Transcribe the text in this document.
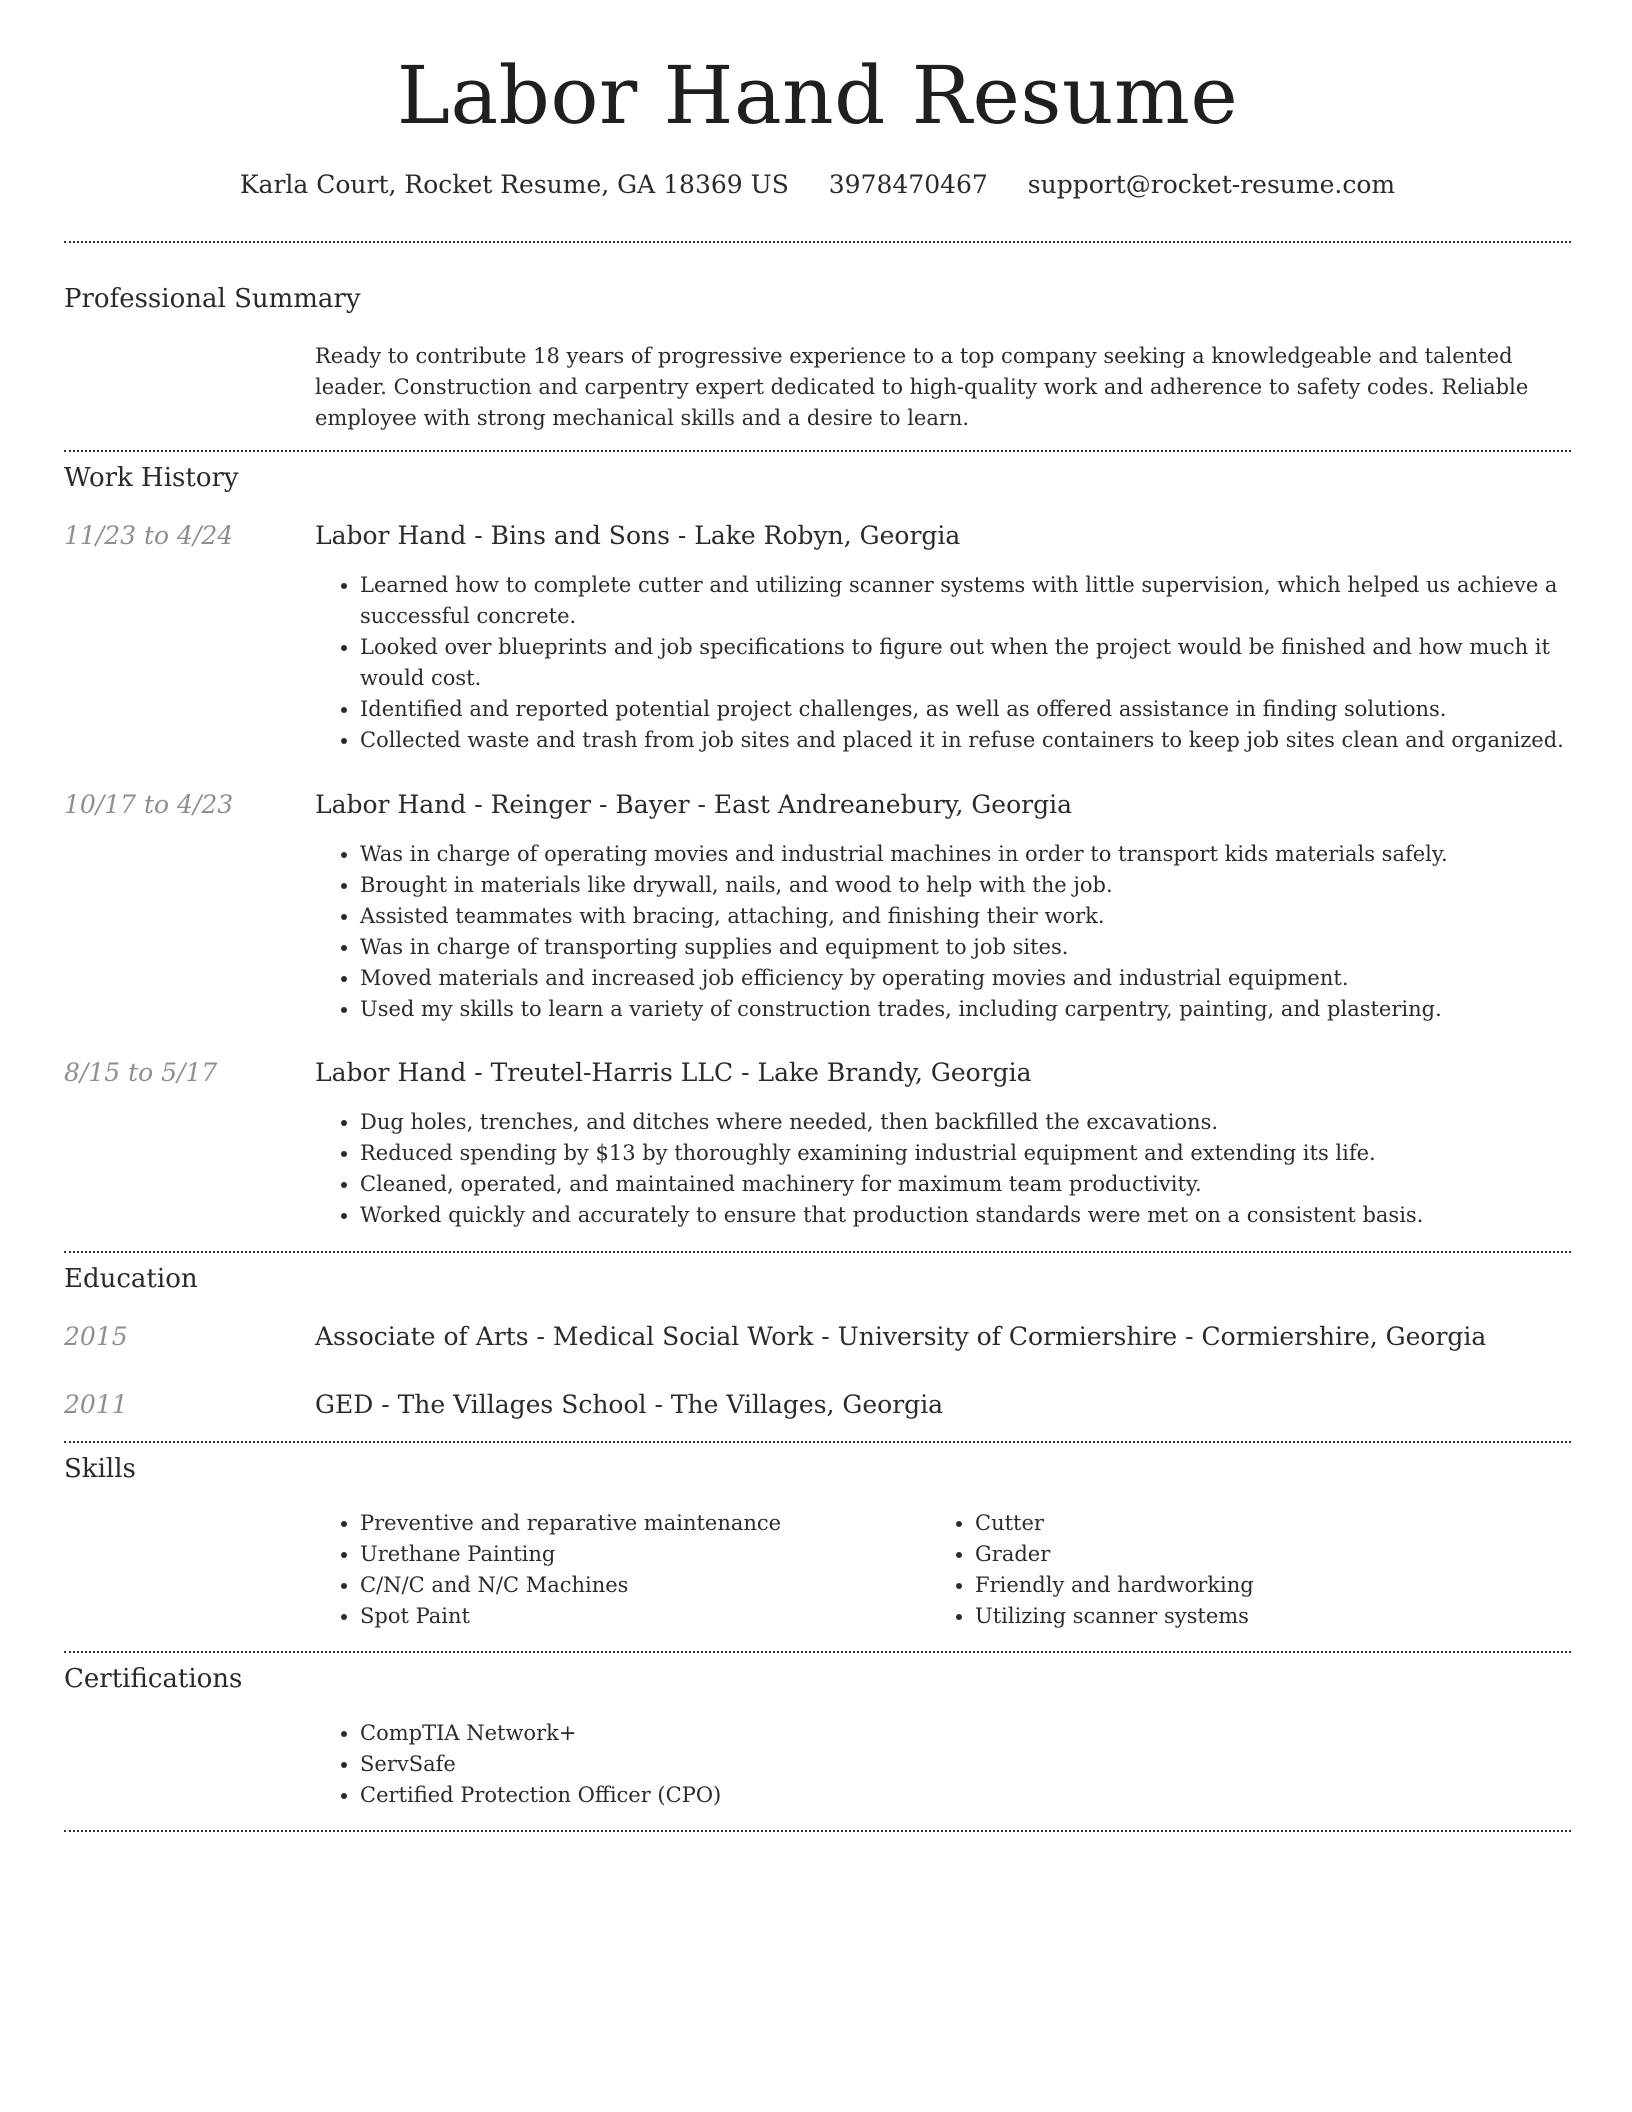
Labor Hand Resume
Karla Court, Rocket Resume, GA 18369 US 3978470467 support@rocket-resume.com
Professional Summary
Ready to contribute 18 years of progressive experience to a top company seeking a knowledgeable and talented leader. Construction and carpentry expert dedicated to high-quality work and adherence to safety codes. Reliable employee with strong mechanical skills and a desire to learn.
Work History
11/23 to 4/24	Labor Hand - Bins and Sons - Lake Robyn, Georgia
• Learned how to complete cutter and utilizing scanner systems with little supervision, which helped us achieve a successful concrete.
• Looked over blueprints and job specifications to figure out when the project would be finished and how much it would cost.
• Identified and reported potential project challenges, as well as offered assistance in finding solutions.
• Collected waste and trash from job sites and placed it in refuse containers to keep job sites clean and organized.
10/17 to 4/23	Labor Hand - Reinger - Bayer - East Andreanebury, Georgia
• Was in charge of operating movies and industrial machines in order to transport kids materials safely.
• Brought in materials like drywall, nails, and wood to help with the job.
• Assisted teammates with bracing, attaching, and finishing their work.
• Was in charge of transporting supplies and equipment to job sites.
• Moved materials and increased job efficiency by operating movies and industrial equipment.
• Used my skills to learn a variety of construction trades, including carpentry, painting, and plastering.
8/15 to 5/17	Labor Hand - Treutel-Harris LLC - Lake Brandy, Georgia
• Dug holes, trenches, and ditches where needed, then backfilled the excavations.
• Reduced spending by $13 by thoroughly examining industrial equipment and extending its life.
• Cleaned, operated, and maintained machinery for maximum team productivity.
• Worked quickly and accurately to ensure that production standards were met on a consistent basis.
Education
2015	Associate of Arts - Medical Social Work - University of Cormiershire - Cormiershire, Georgia
2011	GED - The Villages School - The Villages, Georgia
Skills
• Preventive and reparative maintenance
• Urethane Painting
• C/N/C and N/C Machines
• Spot Paint
• Cutter
• Grader
• Friendly and hardworking
• Utilizing scanner systems
Certifications
• CompTIA Network+
• ServSafe
• Certified Protection Officer (CPO)
